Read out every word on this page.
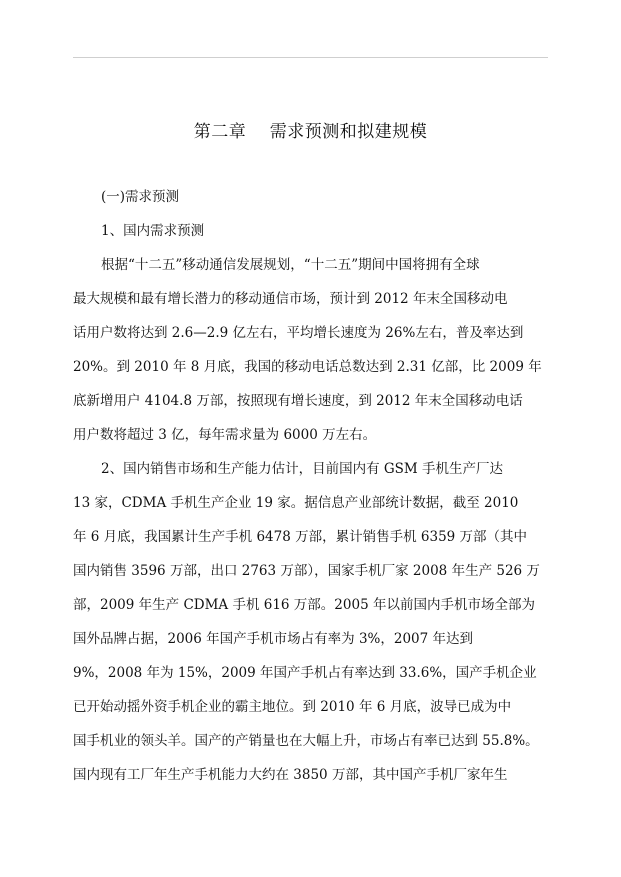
第二章　 需求预测和拟建规模
(一)需求预测
1、国内需求预测
根据“十二五”移动通信发展规划，“十二五”期间中国将拥有全球
最大规模和最有增长潜力的移动通信市场，预计到 2012 年末全国移动电
话用户数将达到 2.6—2.9 亿左右，平均增长速度为 26%左右，普及率达到
20%。到 2010 年 8 月底，我国的移动电话总数达到 2.31 亿部，比 2009 年
底新增用户 4104.8 万部，按照现有增长速度，到 2012 年末全国移动电话
用户数将超过 3 亿，每年需求量为 6000 万左右。
2、国内销售市场和生产能力估计，目前国内有 GSM 手机生产厂达
13 家，CDMA 手机生产企业 19 家。据信息产业部统计数据，截至 2010
年 6 月底，我国累计生产手机 6478 万部，累计销售手机 6359 万部（其中
国内销售 3596 万部，出口 2763 万部），国家手机厂家 2008 年生产 526 万
部，2009 年生产 CDMA 手机 616 万部。2005 年以前国内手机市场全部为
国外品牌占据，2006 年国产手机市场占有率为 3%，2007 年达到
9%，2008 年为 15%，2009 年国产手机占有率达到 33.6%，国产手机企业
已开始动摇外资手机企业的霸主地位。到 2010 年 6 月底，波导已成为中
国手机业的领头羊。国产的产销量也在大幅上升，市场占有率已达到 55.8%。
国内现有工厂年生产手机能力大约在 3850 万部，其中国产手机厂家年生
